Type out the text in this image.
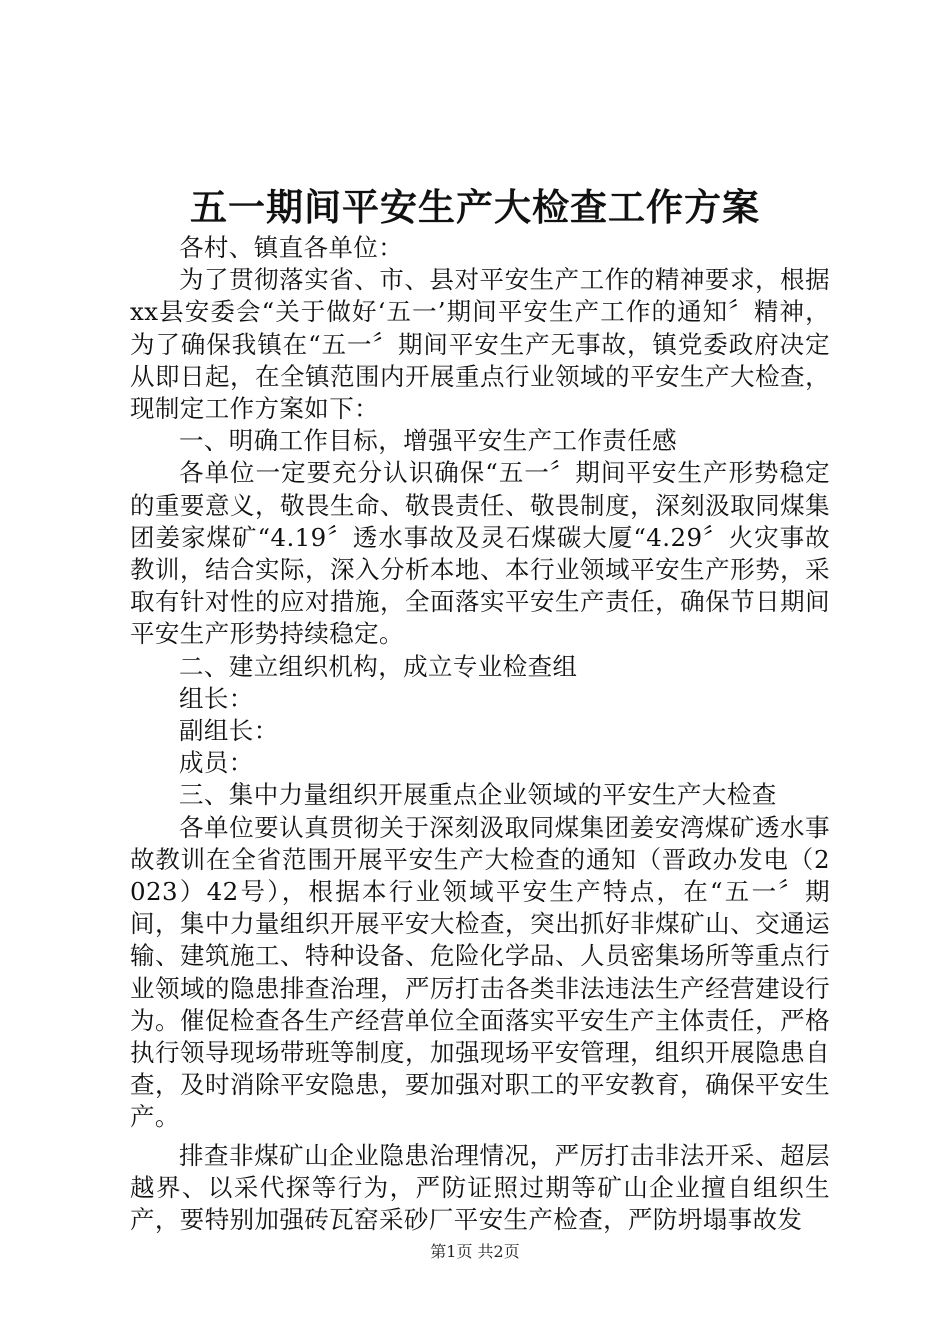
五一期间平安生产大检查工作方案

各村、镇直各单位：

为了贯彻落实省、市、县对平安生产工作的精神要求，根据xx县安委会“关于做好‘五一’期间平安生产工作的通知〞精神，为了确保我镇在“五一〞期间平安生产无事故，镇党委政府决定从即日起，在全镇范围内开展重点行业领域的平安生产大检查，现制定工作方案如下：

一、明确工作目标，增强平安生产工作责任感

各单位一定要充分认识确保“五一〞期间平安生产形势稳定的重要意义，敬畏生命、敬畏责任、敬畏制度，深刻汲取同煤集团姜家煤矿“4.19〞透水事故及灵石煤碳大厦“4.29〞火灾事故教训，结合实际，深入分析本地、本行业领域平安生产形势，采取有针对性的应对措施，全面落实平安生产责任，确保节日期间平安生产形势持续稳定。

二、建立组织机构，成立专业检查组

组长：

副组长：

成员：

三、集中力量组织开展重点企业领域的平安生产大检查

各单位要认真贯彻关于深刻汲取同煤集团姜安湾煤矿透水事故教训在全省范围开展平安生产大检查的通知（晋政办发电（2023）42号），根据本行业领域平安生产特点，在“五一〞期间，集中力量组织开展平安大检查，突出抓好非煤矿山、交通运输、建筑施工、特种设备、危险化学品、人员密集场所等重点行业领域的隐患排查治理，严厉打击各类非法违法生产经营建设行为。催促检查各生产经营单位全面落实平安生产主体责任，严格执行领导现场带班等制度，加强现场平安管理，组织开展隐患自查，及时消除平安隐患，要加强对职工的平安教育，确保平安生产。

排查非煤矿山企业隐患治理情况，严厉打击非法开采、超层越界、以采代探等行为，严防证照过期等矿山企业擅自组织生产，要特别加强砖瓦窑采砂厂平安生产检查，严防坍塌事故发

第1页 共2页
